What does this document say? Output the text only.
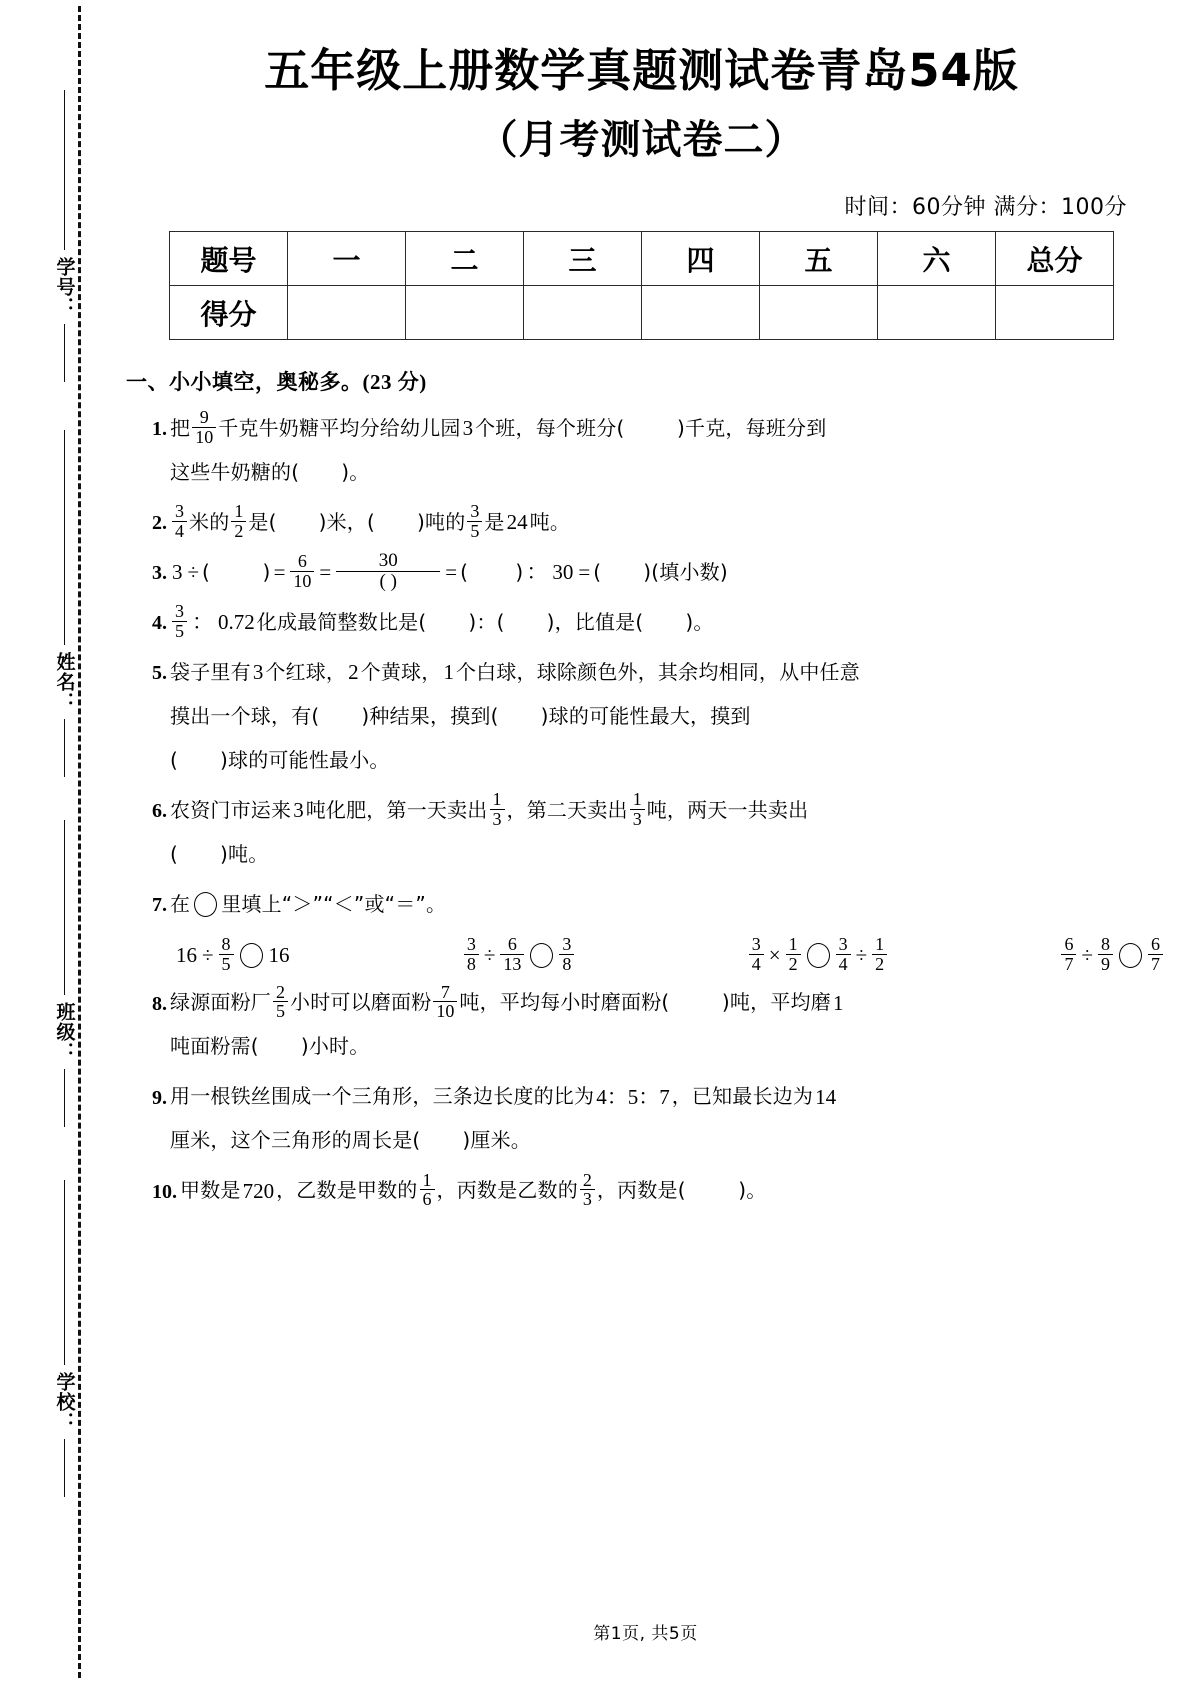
学号：
姓名：
班级：
学校：
五年级上册数学真题测试卷青岛54版
（月考测试卷二）
时间：60分钟 满分：100分
题号	一	二	三	四	五	六	总分
得分							
一、小小填空，奥秘多。(23 分)
1. 把 $\frac{9}{10}$ 千克牛奶糖平均分给幼儿园 3 个班，每个班分(
	)千克，每班分到
这些牛奶糖的(
)。
2. $\frac{3}{4}$ 米的 $\frac{1}{2}$ 是(
)米，(
)吨的 $\frac{3}{5}$ 是 24 吨。
3. 3 ÷ (
	) = $\frac{6}{10} = \frac{30}{( )}$ = (
) ： 30 = (
)(填小数)
4. $\frac{3}{5}$ ： 0.72 化成最简整数比是(
)： (
)，比值是(
)。
5. 袋子里有 3 个红球， 2 个黄球， 1 个白球，球除颜色外，其余均相同，从中任意
摸出一个球，有(
)种结果，摸到(
)球的可能性最大，摸到
(
)球的可能性最小。
6. 农资门市运来 3 吨化肥，第一天卖出 $\frac{1}{3}$ ，第二天卖出 $\frac{1}{3}$ 吨，两天一共卖出
(
)吨。
7. 在 里填上“＞”“＜”或“＝”。
$16 \div \frac{8}{5} 16$	$\frac{3}{8} \div \frac{6}{13} \frac{3}{8}$	$\frac{3}{4} \times \frac{1}{2} \frac{3}{4} \div \frac{1}{2}$	$\frac{6}{7} \div \frac{8}{9} \frac{6}{7}$
8. 绿源面粉厂 $\frac{2}{5}$ 小时可以磨面粉 $\frac{7}{10}$ 吨，平均每小时磨面粉(
	)吨，平均磨 1
吨面粉需(
)小时。
9. 用一根铁丝围成一个三角形，三条边长度的比为 4：5：7 ，已知最长边为 14
厘米，这个三角形的周长是(
)厘米。
10. 甲数是 720 ，乙数是甲数的 $\frac{1}{6}$ ，丙数是乙数的 $\frac{2}{3}$ ，丙数是(
	)。
第1页, 共5页
